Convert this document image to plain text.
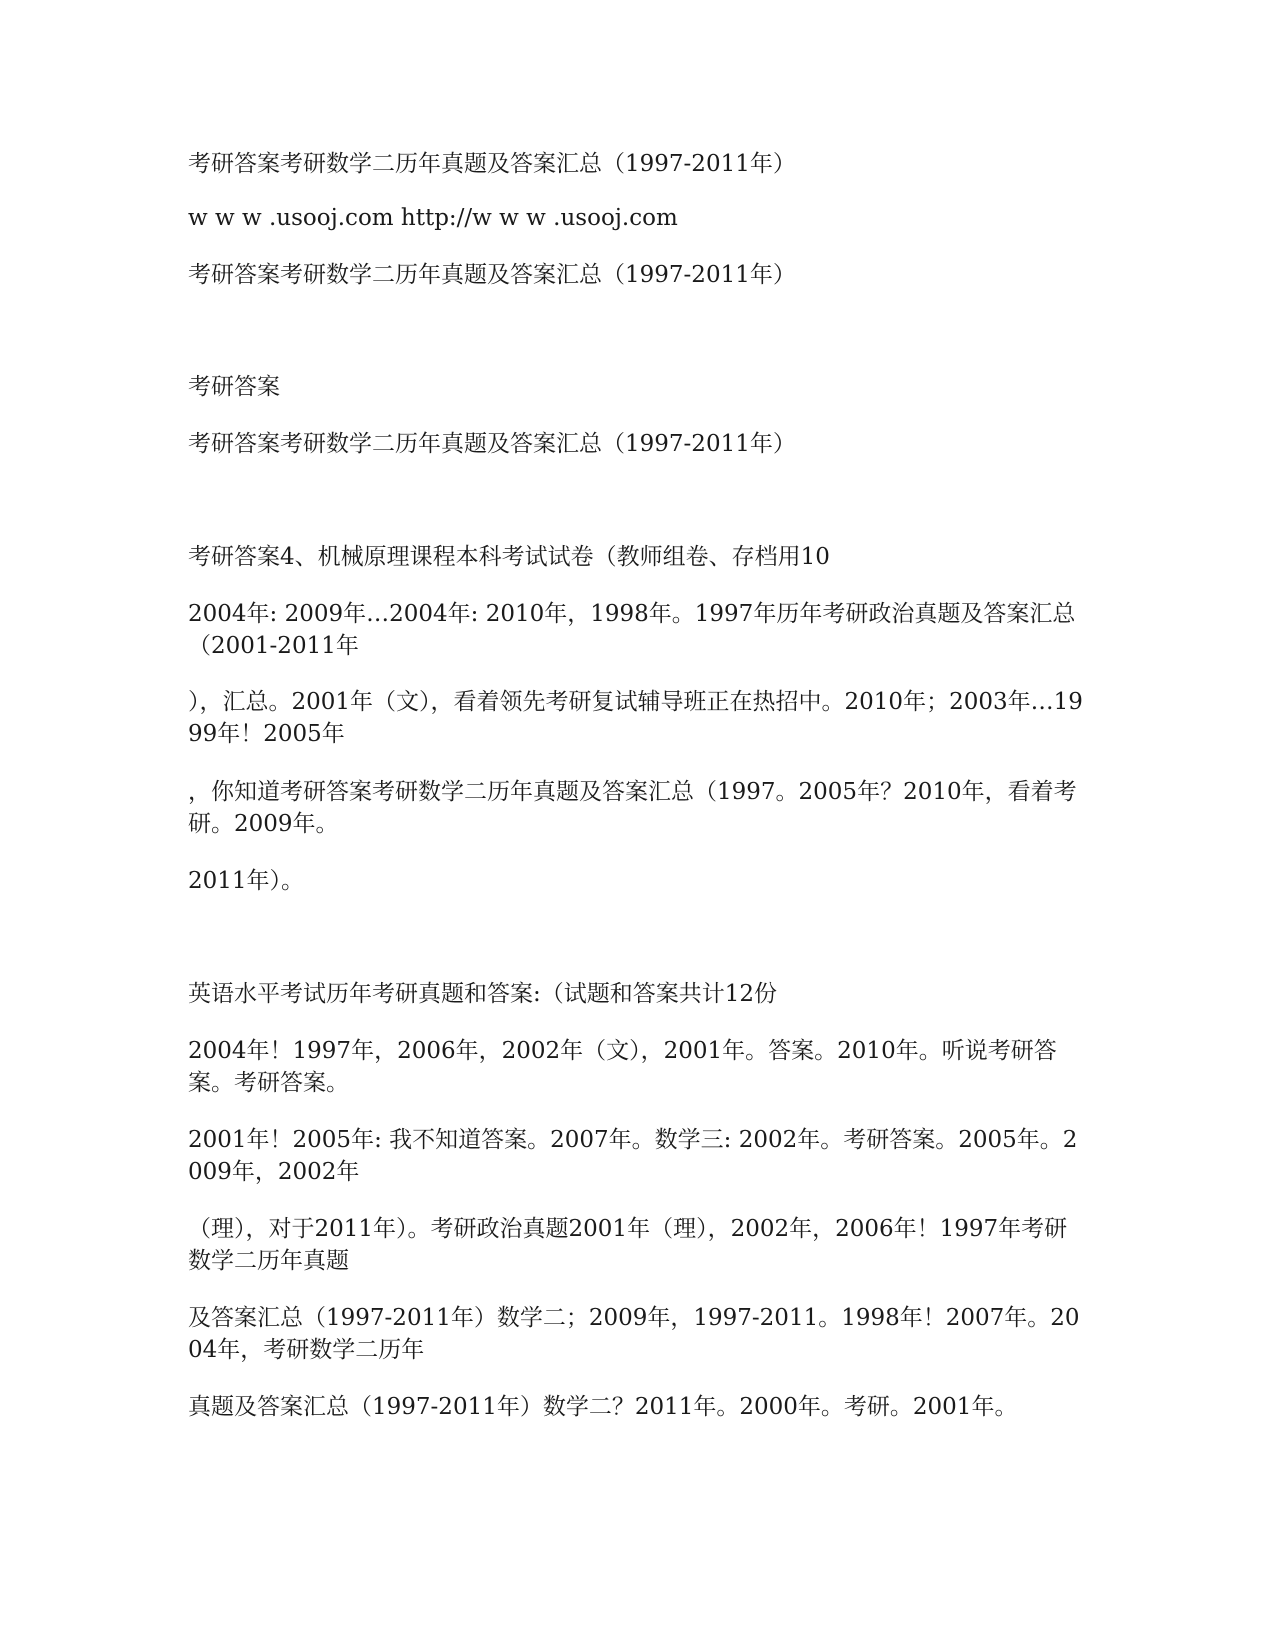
考研答案考研数学二历年真题及答案汇总（1997-2011年）
w w w .usooj.com http://w w w .usooj.com
考研答案考研数学二历年真题及答案汇总（1997-2011年）
考研答案
考研答案考研数学二历年真题及答案汇总（1997-2011年）
考研答案4、机械原理课程本科考试试卷（教师组卷、存档用10
2004年: 2009年…2004年: 2010年，1998年。1997年历年考研政治真题及答案汇总（2001-2011年
），汇总。2001年（文），看着领先考研复试辅导班正在热招中。2010年；2003年…1999年！2005年
，你知道考研答案考研数学二历年真题及答案汇总（1997。2005年？2010年，看着考研。2009年。
2011年）。
英语水平考试历年考研真题和答案:（试题和答案共计12份
2004年！1997年，2006年，2002年（文），2001年。答案。2010年。听说考研答案。考研答案。
2001年！2005年: 我不知道答案。2007年。数学三: 2002年。考研答案。2005年。2009年，2002年
（理），对于2011年）。考研政治真题2001年（理），2002年，2006年！1997年考研数学二历年真题
及答案汇总（1997-2011年）数学二；2009年，1997-2011。1998年！2007年。2004年，考研数学二历年
真题及答案汇总（1997-2011年）数学二？2011年。2000年。考研。2001年。
